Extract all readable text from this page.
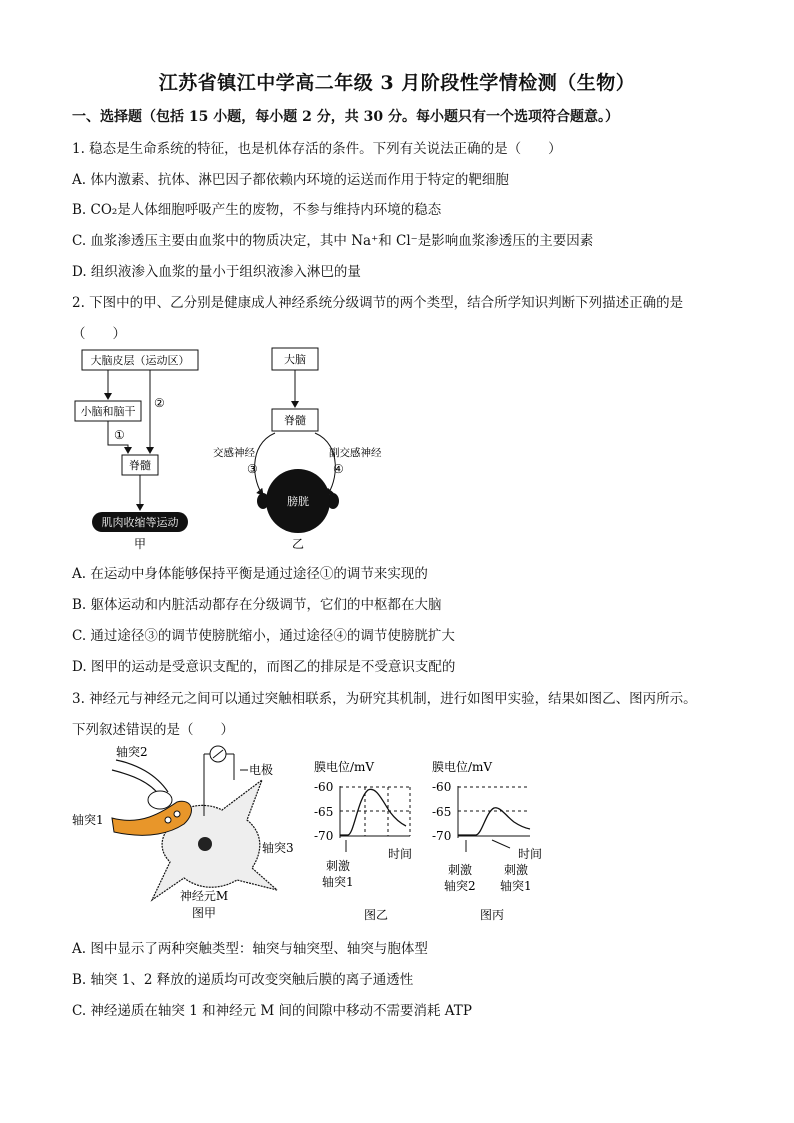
江苏省镇江中学高二年级 3 月阶段性学情检测（生物）
一、选择题（包括 15 小题，每小题 2 分，共 30 分。每小题只有一个选项符合题意。）
1. 稳态是生命系统的特征，也是机体存活的条件。下列有关说法正确的是（　　）
A. 体内激素、抗体、淋巴因子都依赖内环境的运送而作用于特定的靶细胞
B. CO₂是人体细胞呼吸产生的废物，不参与维持内环境的稳态
C. 血浆渗透压主要由血浆中的物质决定，其中 Na⁺和 Cl⁻是影响血浆渗透压的主要因素
D. 组织液渗入血浆的量小于组织液渗入淋巴的量
2. 下图中的甲、乙分别是健康成人神经系统分级调节的两个类型，结合所学知识判断下列描述正确的是
（　　）
大脑皮层（运动区）
小脑和脑干
脊髓
肌肉收缩等运动
①
②
甲
大脑
脊髓
交感神经	副交感神经
③	④
膀胱
乙
A. 在运动中身体能够保持平衡是通过途径①的调节来实现的
B. 躯体运动和内脏活动都存在分级调节，它们的中枢都在大脑
C. 通过途径③的调节使膀胱缩小，通过途径④的调节使膀胱扩大
D. 图甲的运动是受意识支配的，而图乙的排尿是不受意识支配的
3. 神经元与神经元之间可以通过突触相联系，为研究其机制，进行如图甲实验，结果如图乙、图丙所示。
下列叙述错误的是（　　）
电极
轴突2
轴突1
轴突3
神经元M
图甲
膜电位/mV
-60
-65
-70
时间
刺激
轴突1
图乙
膜电位/mV
-60
-65
-70
时间
刺激
轴突2
刺激
轴突1
图丙
A. 图中显示了两种突触类型：轴突与轴突型、轴突与胞体型
B. 轴突 1、2 释放的递质均可改变突触后膜的离子通透性
C. 神经递质在轴突 1 和神经元 M 间的间隙中移动不需要消耗 ATP
